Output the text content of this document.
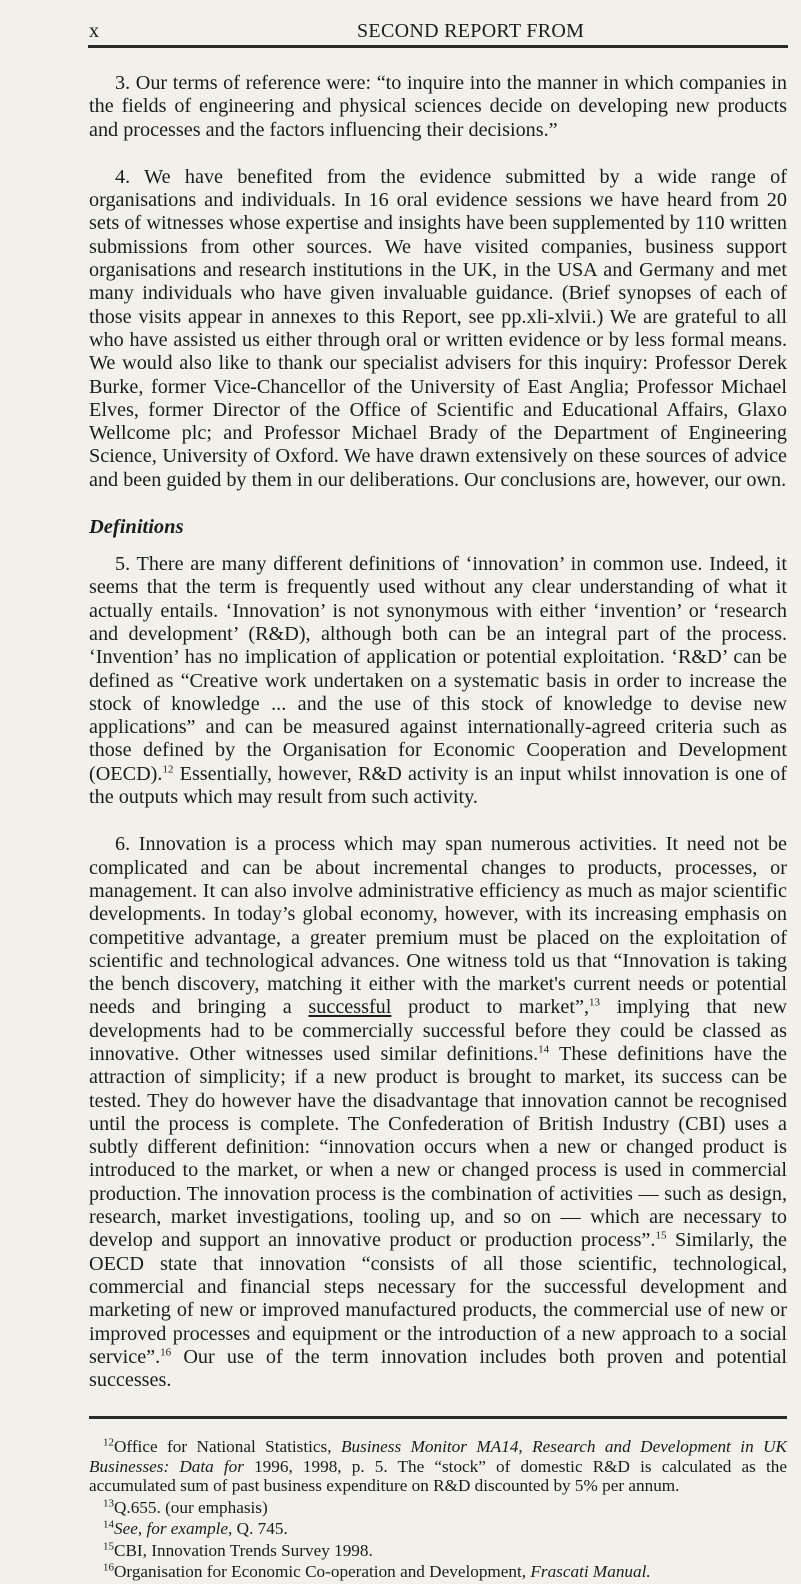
x	SECOND REPORT FROM

3. Our terms of reference were: “to inquire into the manner in which companies in the fields of engineering and physical sciences decide on developing new products and processes and the factors influencing their decisions.”

4. We have benefited from the evidence submitted by a wide range of organisations and individuals. In 16 oral evidence sessions we have heard from 20 sets of witnesses whose expertise and insights have been supplemented by 110 written submissions from other sources. We have visited companies, business support organisations and research institutions in the UK, in the USA and Germany and met many individuals who have given invaluable guidance. (Brief synopses of each of those visits appear in annexes to this Report, see pp.xli-xlvii.) We are grateful to all who have assisted us either through oral or written evidence or by less formal means. We would also like to thank our specialist advisers for this inquiry: Professor Derek Burke, former Vice-Chancellor of the University of East Anglia; Professor Michael Elves, former Director of the Office of Scientific and Educational Affairs, Glaxo Wellcome plc; and Professor Michael Brady of the Department of Engineering Science, University of Oxford. We have drawn extensively on these sources of advice and been guided by them in our deliberations. Our conclusions are, however, our own.

Definitions

5. There are many different definitions of ‘innovation’ in common use. Indeed, it seems that the term is frequently used without any clear understanding of what it actually entails. ‘Innovation’ is not synonymous with either ‘invention’ or ‘research and development’ (R&D), although both can be an integral part of the process. ‘Invention’ has no implication of application or potential exploitation. ‘R&D’ can be defined as “Creative work undertaken on a systematic basis in order to increase the stock of knowledge ... and the use of this stock of knowledge to devise new applications” and can be measured against internationally-agreed criteria such as those defined by the Organisation for Economic Cooperation and Development (OECD).$^{12}$ Essentially, however, R&D activity is an input whilst innovation is one of the outputs which may result from such activity.

6. Innovation is a process which may span numerous activities. It need not be complicated and can be about incremental changes to products, processes, or management. It can also involve administrative efficiency as much as major scientific developments. In today’s global economy, however, with its increasing emphasis on competitive advantage, a greater premium must be placed on the exploitation of scientific and technological advances. One witness told us that “Innovation is taking the bench discovery, matching it either with the market's current needs or potential needs and bringing a successful product to market”,$^{13}$ implying that new developments had to be commercially successful before they could be classed as innovative. Other witnesses used similar definitions.$^{14}$ These definitions have the attraction of simplicity; if a new product is brought to market, its success can be tested. They do however have the disadvantage that innovation cannot be recognised until the process is complete. The Confederation of British Industry (CBI) uses a subtly different definition: “innovation occurs when a new or changed product is introduced to the market, or when a new or changed process is used in commercial production. The innovation process is the combination of activities — such as design, research, market investigations, tooling up, and so on — which are necessary to develop and support an innovative product or production process”.$^{15}$ Similarly, the OECD state that innovation “consists of all those scientific, technological, commercial and financial steps necessary for the successful development and marketing of new or improved manufactured products, the commercial use of new or improved processes and equipment or the introduction of a new approach to a social service”.$^{16}$ Our use of the term innovation includes both proven and potential successes.

$^{12}$Office for National Statistics, Business Monitor MA14, Research and Development in UK Businesses: Data for 1996, 1998, p. 5. The “stock” of domestic R&D is calculated as the accumulated sum of past business expenditure on R&D discounted by 5% per annum.
$^{13}$Q.655. (our emphasis)
$^{14}$See, for example, Q. 745.
$^{15}$CBI, Innovation Trends Survey 1998.
$^{16}$Organisation for Economic Co-operation and Development, Frascati Manual.
